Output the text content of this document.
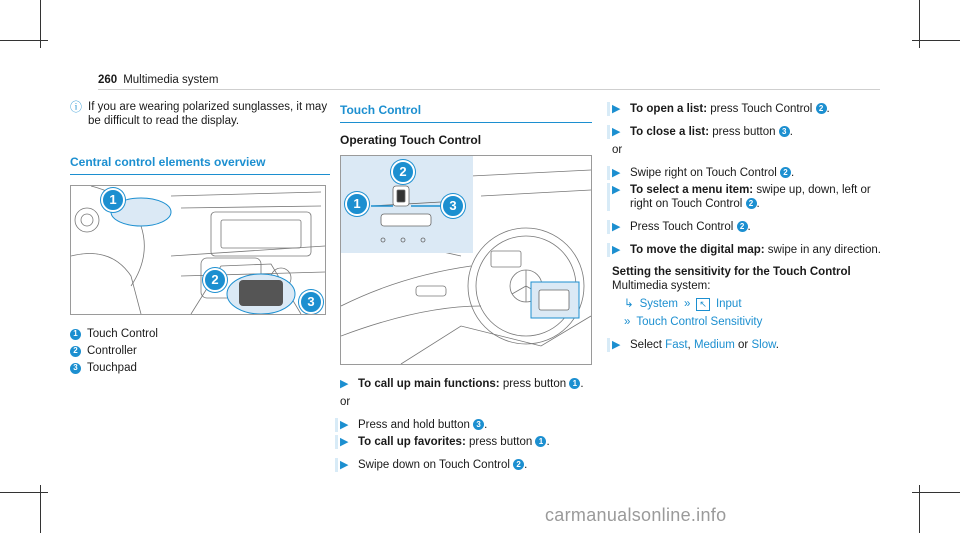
260 Multimedia system
ⓘ If you are wearing polarized sunglasses, it may be difficult to read the display.
Central control elements overview
1
2
3
1 Touch Control
2 Controller
3 Touchpad
Touch Control
Operating Touch Control
1
2
3
▶ To call up main functions: press button 1 .
or
▶ Press and hold button 3 .
▶ To call up favorites: press button 1 .
▶ Swipe down on Touch Control 2 .
▶ To open a list: press Touch Control 2 .
▶ To close a list: press button 3 .
or
▶ Swipe right on Touch Control 2 .
▶ To select a menu item: swipe up, down, left or right on Touch Control 2 .
▶ Press Touch Control 2 .
▶ To move the digital map: swipe in any direction.
Setting the sensitivity for the Touch Control
Multimedia system:
↳ System »	↖ Input
» Touch Control Sensitivity
▶ Select Fast, Medium or Slow.
carmanualsonline.info
